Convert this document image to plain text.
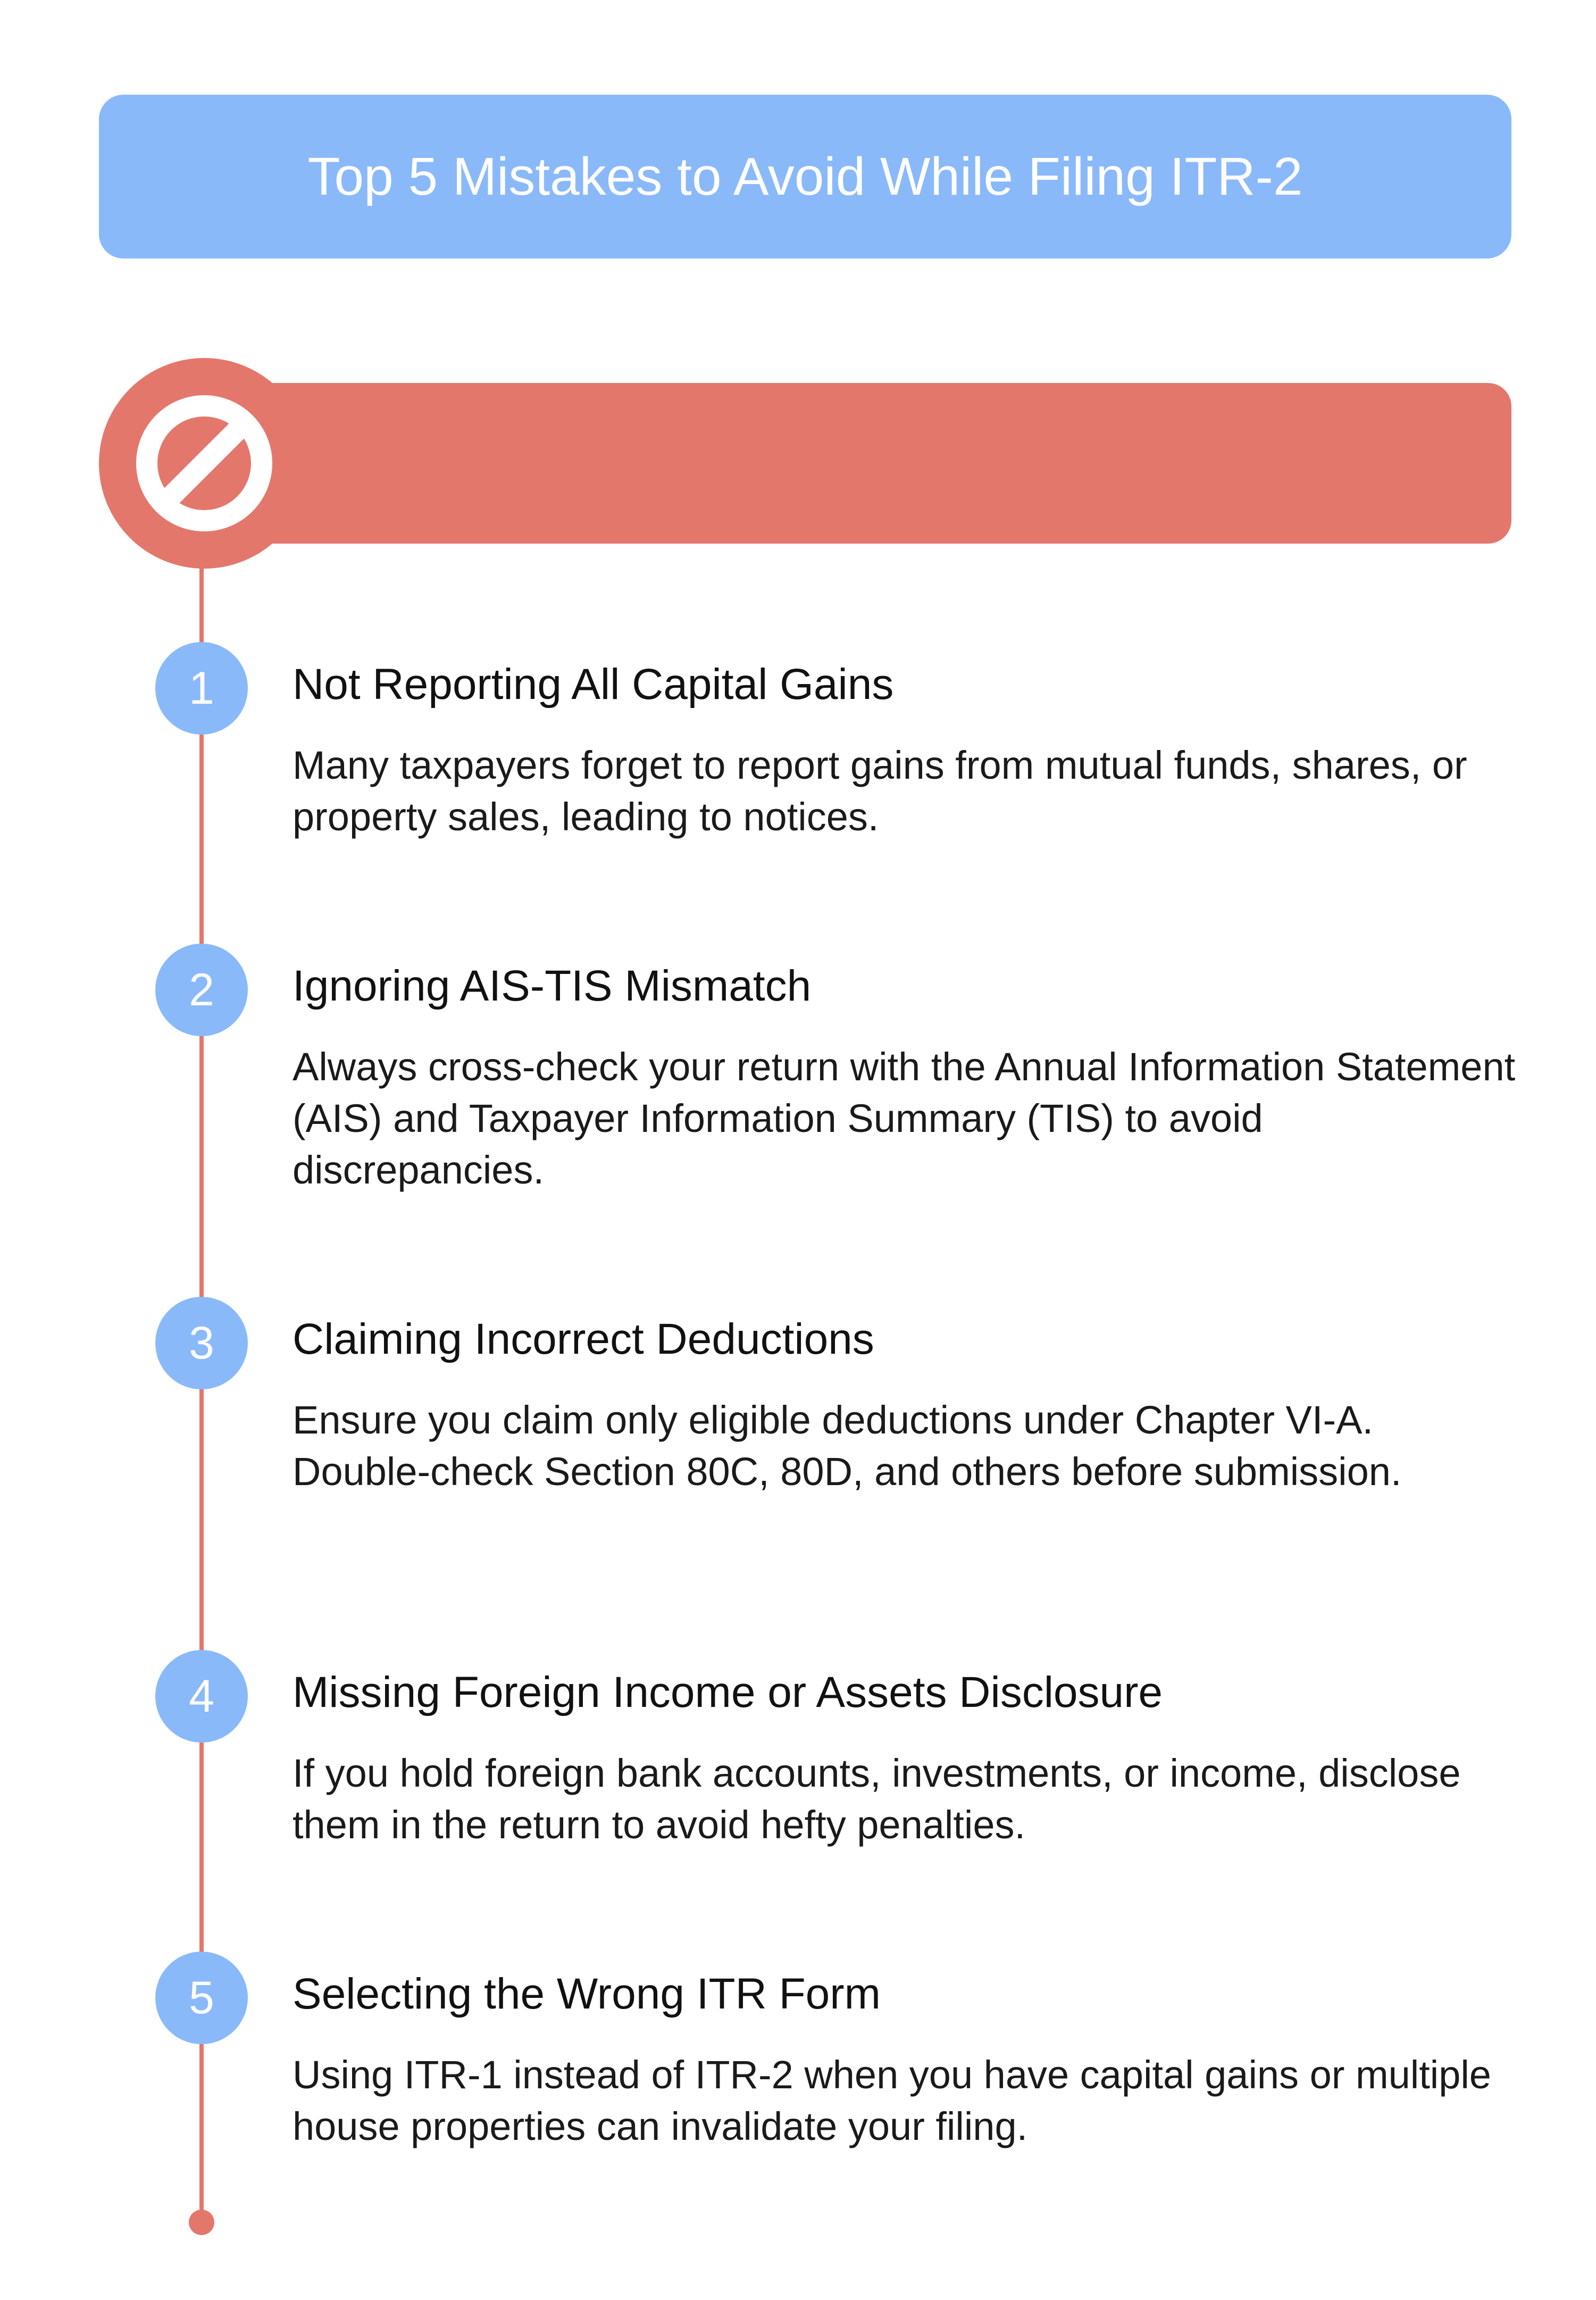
Top 5 Mistakes to Avoid While Filing ITR-2
1	Not Reporting All Capital Gains
Many taxpayers forget to report gains from mutual funds, shares, or property sales, leading to notices.
2	Ignoring AIS-TIS Mismatch
Always cross-check your return with the Annual Information Statement (AIS) and Taxpayer Information Summary (TIS) to avoid discrepancies.
3	Claiming Incorrect Deductions
Ensure you claim only eligible deductions under Chapter VI-A. Double-check Section 80C, 80D, and others before submission.
4	Missing Foreign Income or Assets Disclosure
If you hold foreign bank accounts, investments, or income, disclose them in the return to avoid hefty penalties.
5	Selecting the Wrong ITR Form
Using ITR-1 instead of ITR-2 when you have capital gains or multiple house properties can invalidate your filing.
